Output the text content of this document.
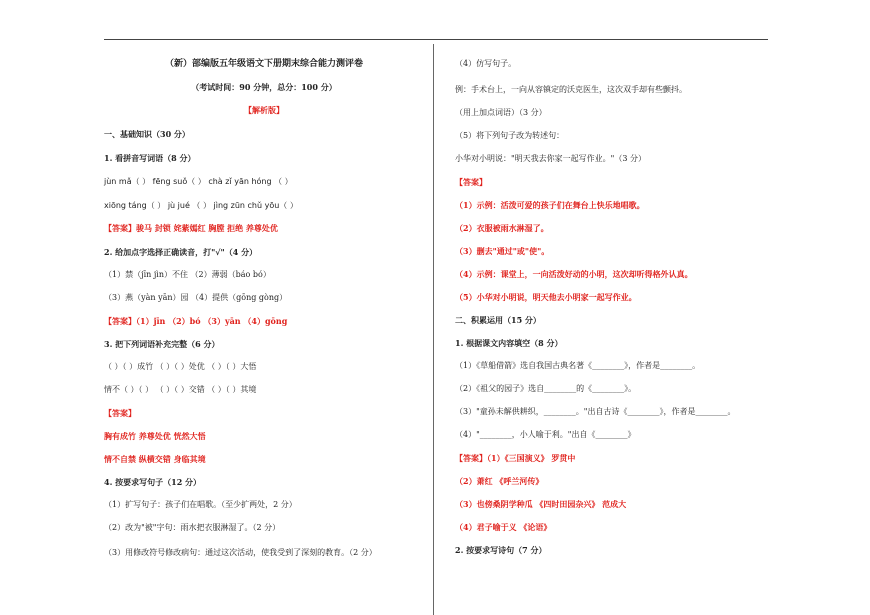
（新）部编版五年级语文下册期末综合能力测评卷
（考试时间：90 分钟，总分：100 分）
【解析版】
一、基础知识（30 分）
1. 看拼音写词语（8 分）
jùn mǎ（ ） fēng suǒ（ ） chà zǐ yān hóng （ ）
xiōng táng（ ） jù jué （ ） jìng zūn chǔ yōu（ ）
【答案】骏马 封锁 姹紫嫣红 胸膛 拒绝 养尊处优
2. 给加点字选择正确读音，打"√"（4 分）
（1）禁（jīn jìn）不住 （2）薄弱（báo bó）
（3）燕（yàn yān）园 （4）提供（gōng gòng）
【答案】（1）jīn （2）bó （3）yān （4）gōng
3. 把下列词语补充完整（6 分）
（ ）（ ）成竹 （ ）（ ）处优 （ ）（ ）大悟
情不（ ）（ ） （ ）（ ）交错 （ ）（ ）其境
【答案】
胸有成竹 养尊处优 恍然大悟
情不自禁 纵横交错 身临其境
4. 按要求写句子（12 分）
（1）扩写句子：孩子们在唱歌。（至少扩两处，2 分）
（2）改为"被"字句：雨水把衣服淋湿了。（2 分）
（3）用修改符号修改病句：通过这次活动，使我受到了深刻的教育。（2 分）
（4）仿写句子。
例：手术台上，一向从容镇定的沃克医生，这次双手却有些颤抖。
（用上加点词语）（3 分）
（5）将下列句子改为转述句：
小华对小明说："明天我去你家一起写作业。"（3 分）
【答案】
（1）示例：活泼可爱的孩子们在舞台上快乐地唱歌。
（2）衣服被雨水淋湿了。
（3）删去"通过"或"使"。
（4）示例：课堂上，一向活泼好动的小明，这次却听得格外认真。
（5）小华对小明说，明天他去小明家一起写作业。
二、积累运用（15 分）
1. 根据课文内容填空（8 分）
（1）《草船借箭》选自我国古典名著《________》，作者是________。
（2）《祖父的园子》选自________的《________》。
（3）"童孙未解供耕织，________。"出自古诗《________》，作者是________。
（4）"________，小人喻于利。"出自《________》
【答案】（1）《三国演义》 罗贯中
（2）萧红 《呼兰河传》
（3）也傍桑阴学种瓜 《四时田园杂兴》 范成大
（4）君子喻于义 《论语》
2. 按要求写诗句（7 分）
